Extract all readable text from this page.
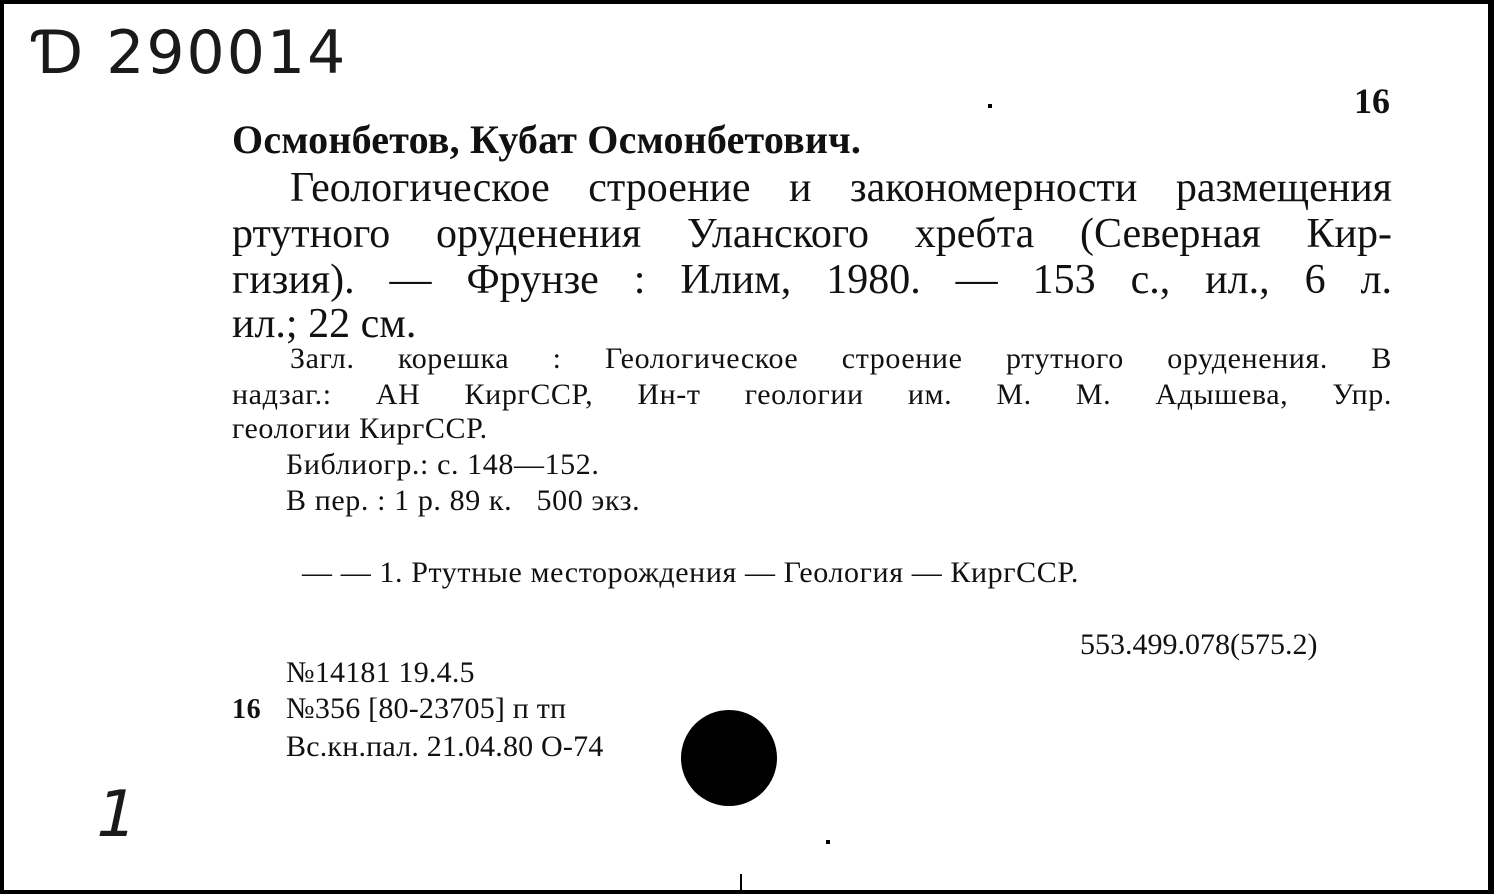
Ɗ 290014
16
Осмонбетов, Кубат Осмонбетович.
Геологическое строение и закономерности размещения
ртутного оруденения Уланского хребта (Северная Кир-
гизия). — Фрунзе : Илим, 1980. — 153 с., ил., 6 л.
ил.; 22 см.
Загл. корешка : Геологическое строение ртутного оруденения. В
надзаг.: АН КиргССР, Ин-т геологии им. М. М. Адышева, Упр.
геологии КиргССР.
Библиогр.: с. 148—152.
В пер. : 1 р. 89 к.   500 экз.
— — 1. Ртутные месторождения — Геология — КиргССР.
553.499.078(575.2)
№14181 19.4.5
16 №356 [80-23705] п тп
Вс.кн.пал. 21.04.80 О-74
1
